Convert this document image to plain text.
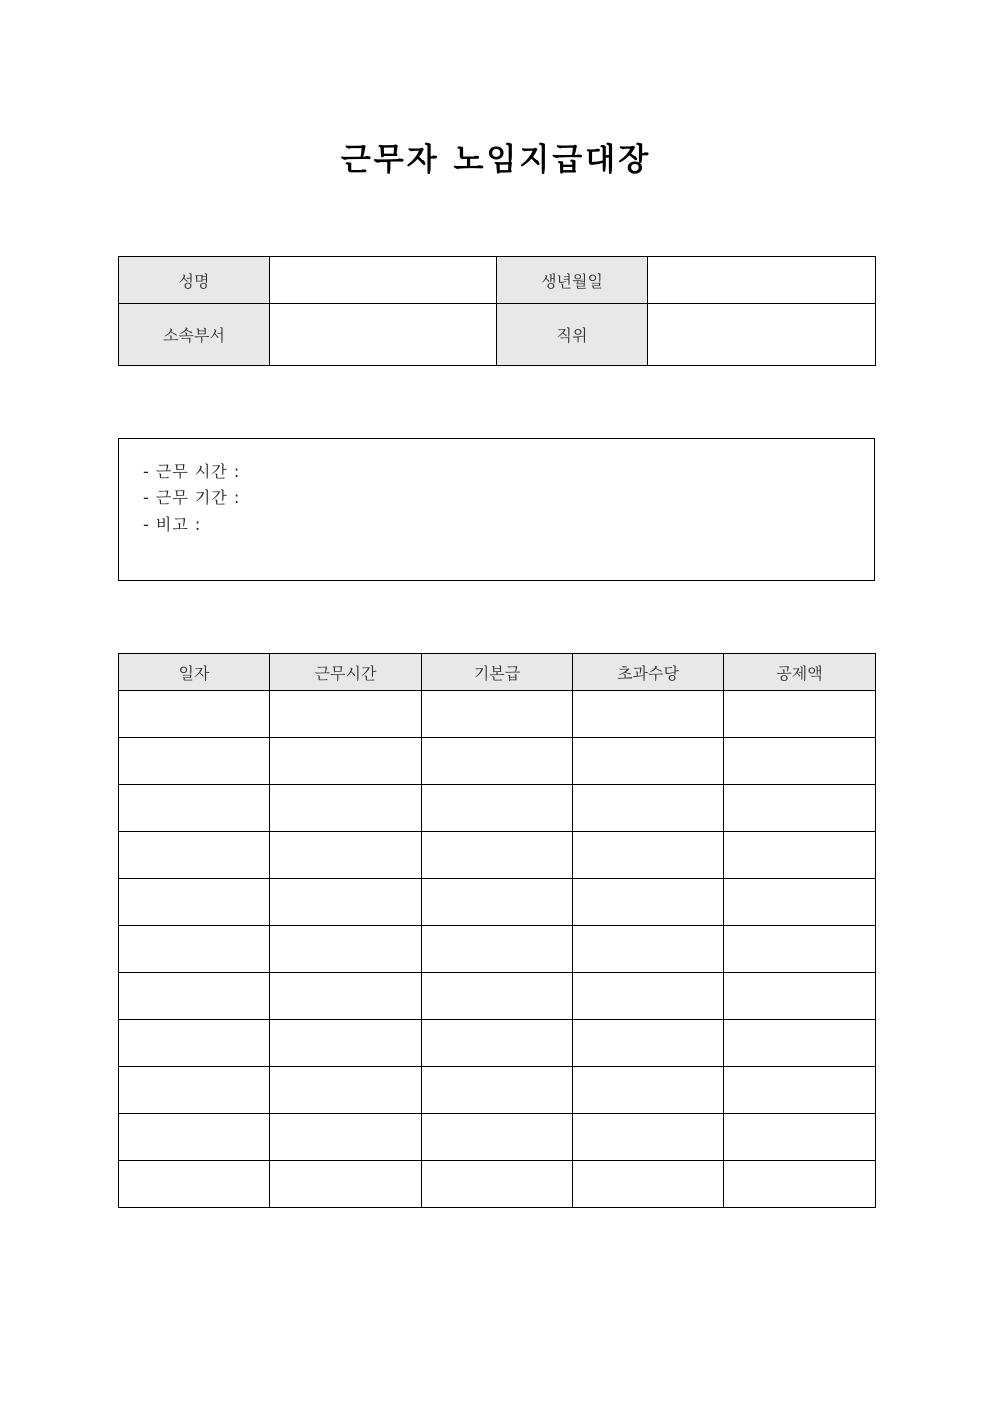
근무자 노임지급대장
성명		생년월일	
소속부서		직위	
- 근무 시간 :
- 근무 기간 :
- 비고 :
일자	근무시간	기본급	초과수당	공제액
